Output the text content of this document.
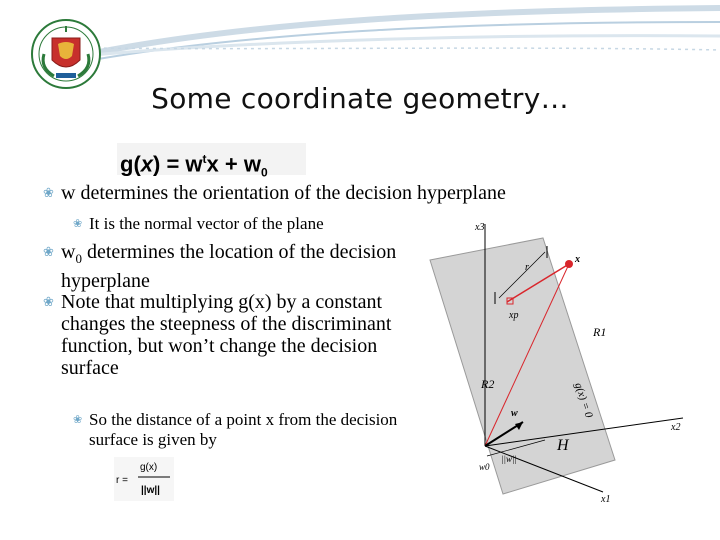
Some coordinate geometry…
$g(x) = w^tx + w_0$
❀ w determines the orientation of the decision hyperplane
❀ It is the normal vector of the plane
❀ $w_0$ determines the location of the decision hyperplane
❀ Note that multiplying g(x) by a constant changes the steepness of the discriminant function, but won’t change the decision surface
❀ So the distance of a point x from the decision surface is given by
r =
g(x)
||w||
x3
x2
x1
x
r
xp
R1
R2	g(x) = 0
w
H
w0
||w||
